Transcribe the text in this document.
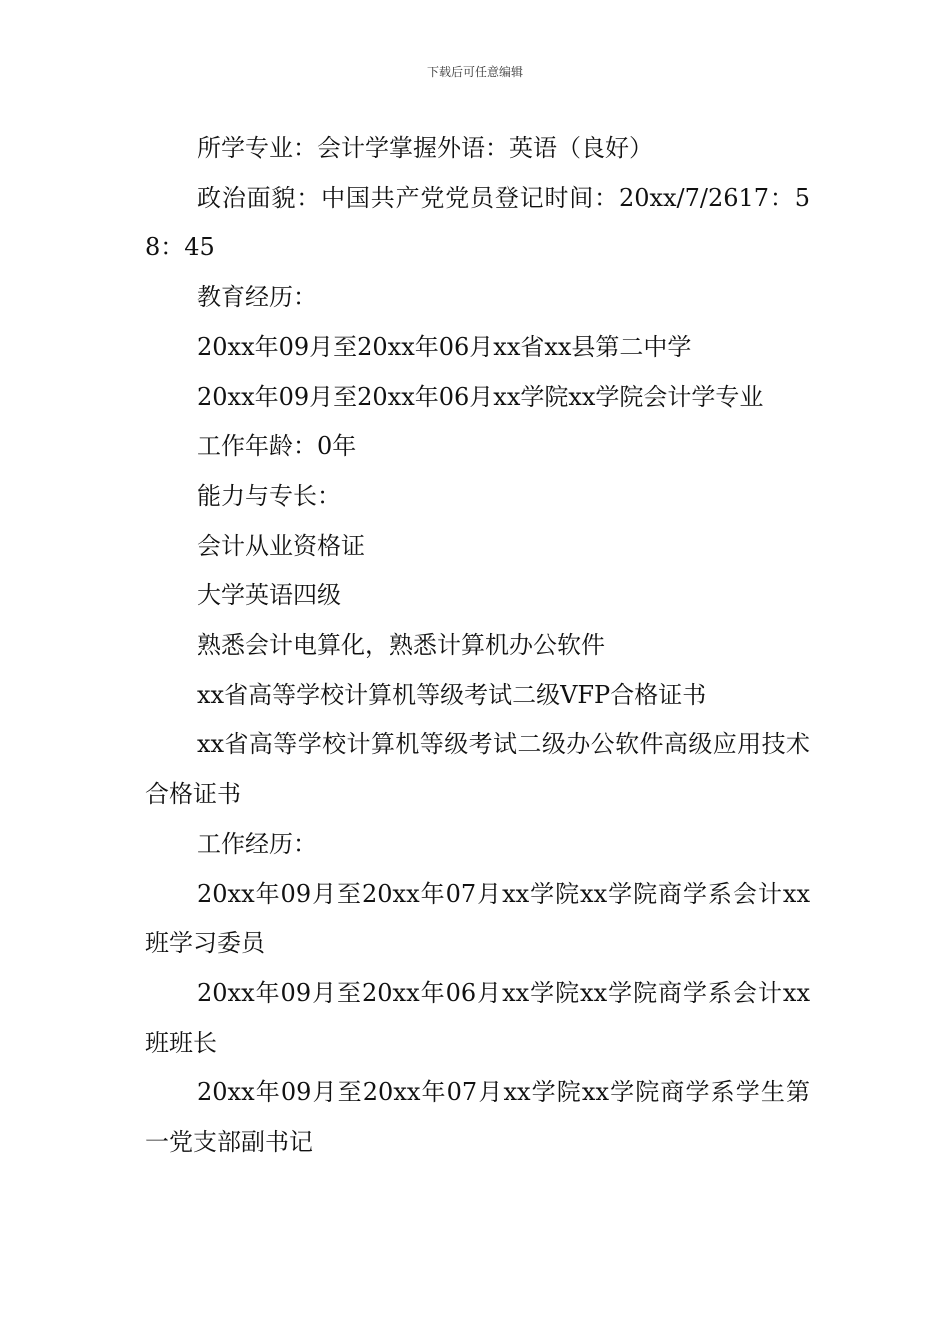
下载后可任意编辑

所学专业：会计学掌握外语：英语（良好）

政治面貌：中国共产党党员登记时间：20xx/7/2617：58：45

教育经历：

20xx年09月至20xx年06月xx省xx县第二中学

20xx年09月至20xx年06月xx学院xx学院会计学专业

工作年龄：0年

能力与专长：

会计从业资格证

大学英语四级

熟悉会计电算化，熟悉计算机办公软件

xx省高等学校计算机等级考试二级VFP合格证书

xx省高等学校计算机等级考试二级办公软件高级应用技术合格证书

工作经历：

20xx年09月至20xx年07月xx学院xx学院商学系会计xx班学习委员

20xx年09月至20xx年06月xx学院xx学院商学系会计xx班班长

20xx年09月至20xx年07月xx学院xx学院商学系学生第一党支部副书记
